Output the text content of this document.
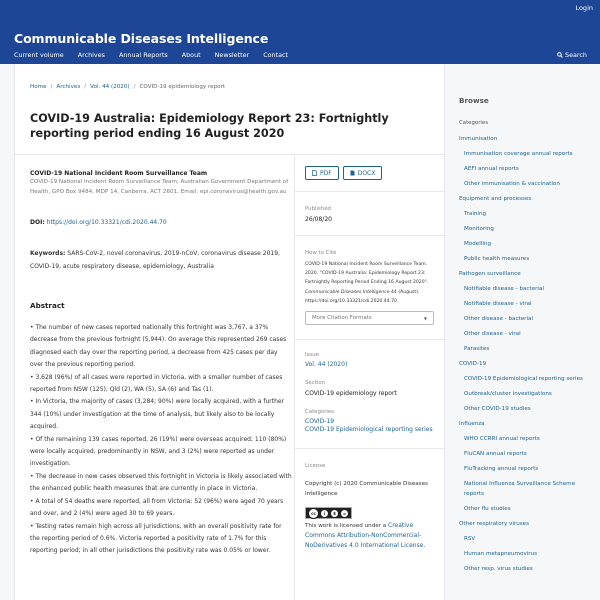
Login
Communicable Diseases Intelligence
Current volume Archives Annual Reports About Newsletter Contact	Search
Home / Archives / Vol. 44 (2020) / COVID-19 epidemiology report
COVID-19 Australia: Epidemiology Report 23: Fortnightly reporting period ending 16 August 2020
COVID-19 National Incident Room Surveillance Team
COVID-19 National Incident Room Surveillance Team, Australian Government Department of Health, GPO Box 9484, MDP 14, Canberra, ACT 2601. Email: epi.coronavirus@health.gov.au
DOI: https://doi.org/10.33321/cdi.2020.44.70
Keywords: SARS-CoV-2, novel coronavirus, 2019-nCoV, coronavirus disease 2019, COVID-19, acute respiratory disease, epidemiology, Australia
Abstract

• The number of new cases reported nationally this fortnight was 3,767, a 37% decrease from the previous fortnight (5,944). On average this represented 269 cases diagnosed each day over the reporting period, a decrease from 425 cases per day over the previous reporting period.

• 3,628 (96%) of all cases were reported in Victoria, with a smaller number of cases reported from NSW (125), Qld (2), WA (5), SA (6) and Tas (1).

• In Victoria, the majority of cases (3,284; 90%) were locally acquired, with a further 344 (10%) under investigation at the time of analysis, but likely also to be locally acquired.

• Of the remaining 139 cases reported, 26 (19%) were overseas acquired; 110 (80%) were locally acquired, predominantly in NSW, and 3 (2%) were reported as under investigation.

• The decrease in new cases observed this fortnight in Victoria is likely associated with the enhanced public health measures that are currently in place in Victoria.

• A total of 54 deaths were reported, all from Victoria: 52 (96%) were aged 70 years and over, and 2 (4%) were aged 30 to 69 years.

• Testing rates remain high across all jurisdictions, with an overall positivity rate for the reporting period of 0.6%. Victoria reported a positivity rate of 1.7% for this reporting period; in all other jurisdictions the positivity rate was 0.05% or lower.

PDF	DOCX
Published
26/08/20
How to Cite
COVID-19 National Incident Room Surveillance Team. 2020. "COVID-19 Australia: Epidemiology Report 23: Fortnightly Reporting Period Ending 16 August 2020". Communicable Diseases Intelligence 44 (August). https://doi.org/10.33321/cdi.2020.44.70.
More Citation Formats	▼
Issue
Vol. 44 (2020)
Section
COVID-19 epidemiology report
Categories
COVID-19
COVID-19 Epidemiological reporting series
License
Copyright (c) 2020 Communicable Diseases Intelligence
cc	i	$	=
This work is licensed under a Creative Commons Attribution-NonCommercial-NoDerivatives 4.0 International License.
Browse
Categories
Immunisation
Immunisation coverage annual reports
AEFI annual reports
Other immunisation & vaccination
Equipment and processes
Training
Monitoring
Modelling
Public health measures
Pathogen surveillance
Notifiable disease - bacterial
Notifiable disease - viral
Other disease - bacterial
Other disease - viral
Parasites
COVID-19
COVID-19 Epidemiological reporting series
Outbreak/cluster investigations
Other COVID-19 studies
Influenza
WHO CCRRI annual reports
FluCAN annual reports
FluTracking annual reports
National Influenza Surveillance Scheme reports
Other flu studies
Other respiratory viruses
RSV
Human metapneumovirus
Other resp. virus studies
